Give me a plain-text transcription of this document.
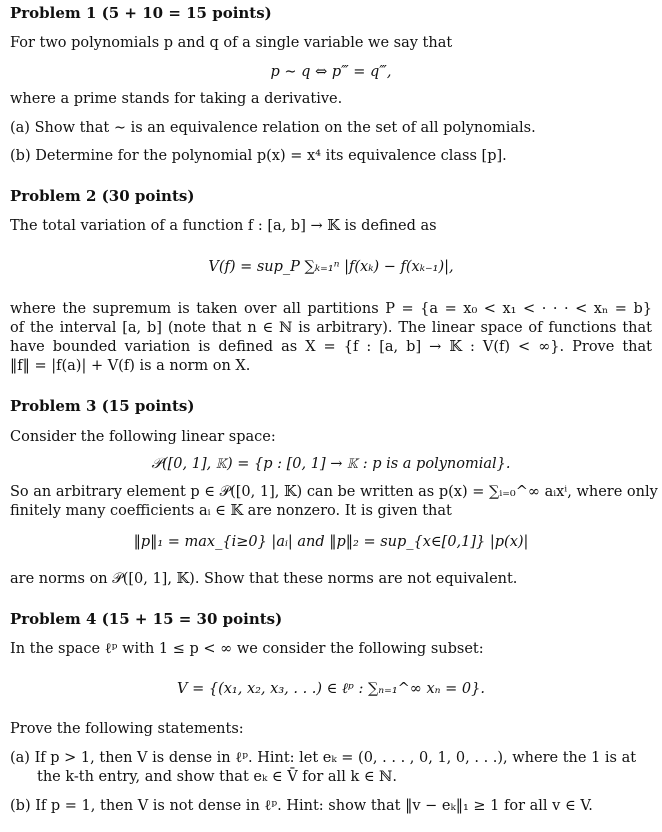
Problem 1 (5 + 10 = 15 points)
For two polynomials p and q of a single variable we say that
p ∼ q ⇔ p‴ = q‴,
where a prime stands for taking a derivative.
(a) Show that ∼ is an equivalence relation on the set of all polynomials.
(b) Determine for the polynomial p(x) = x⁴ its equivalence class [p].
Problem 2 (30 points)
The total variation of a function f : [a, b] → 𝕂 is defined as
V(f) = sup_P ∑ₖ₌₁ⁿ |f(xₖ) − f(xₖ₋₁)|,
where the supremum is taken over all partitions P = {a = x₀ < x₁ < · · · < xₙ = b}
of the interval [a, b] (note that n ∈ ℕ is arbitrary). The linear space of functions that
have bounded variation is defined as X = {f : [a, b] → 𝕂 : V(f) < ∞}. Prove that
‖f‖ = |f(a)| + V(f) is a norm on X.
Problem 3 (15 points)
Consider the following linear space:
𝒫([0, 1], 𝕂) = {p : [0, 1] → 𝕂 : p is a polynomial}.
So an arbitrary element p ∈ 𝒫([0, 1], 𝕂) can be written as p(x) = ∑ᵢ₌₀^∞ aᵢxⁱ, where only
finitely many coefficients aᵢ ∈ 𝕂 are nonzero. It is given that
‖p‖₁ = max_{i≥0} |aᵢ| and ‖p‖₂ = sup_{x∈[0,1]} |p(x)|
are norms on 𝒫([0, 1], 𝕂). Show that these norms are not equivalent.
Problem 4 (15 + 15 = 30 points)
In the space ℓᵖ with 1 ≤ p < ∞ we consider the following subset:
V = {(x₁, x₂, x₃, . . .) ∈ ℓᵖ : ∑ₙ₌₁^∞ xₙ = 0}.
Prove the following statements:
(a) If p > 1, then V is dense in ℓᵖ. Hint: let eₖ = (0, . . . , 0, 1, 0, . . .), where the 1 is at
the k-th entry, and show that eₖ ∈ V̄ for all k ∈ ℕ.
(b) If p = 1, then V is not dense in ℓᵖ. Hint: show that ‖v − eₖ‖₁ ≥ 1 for all v ∈ V.
